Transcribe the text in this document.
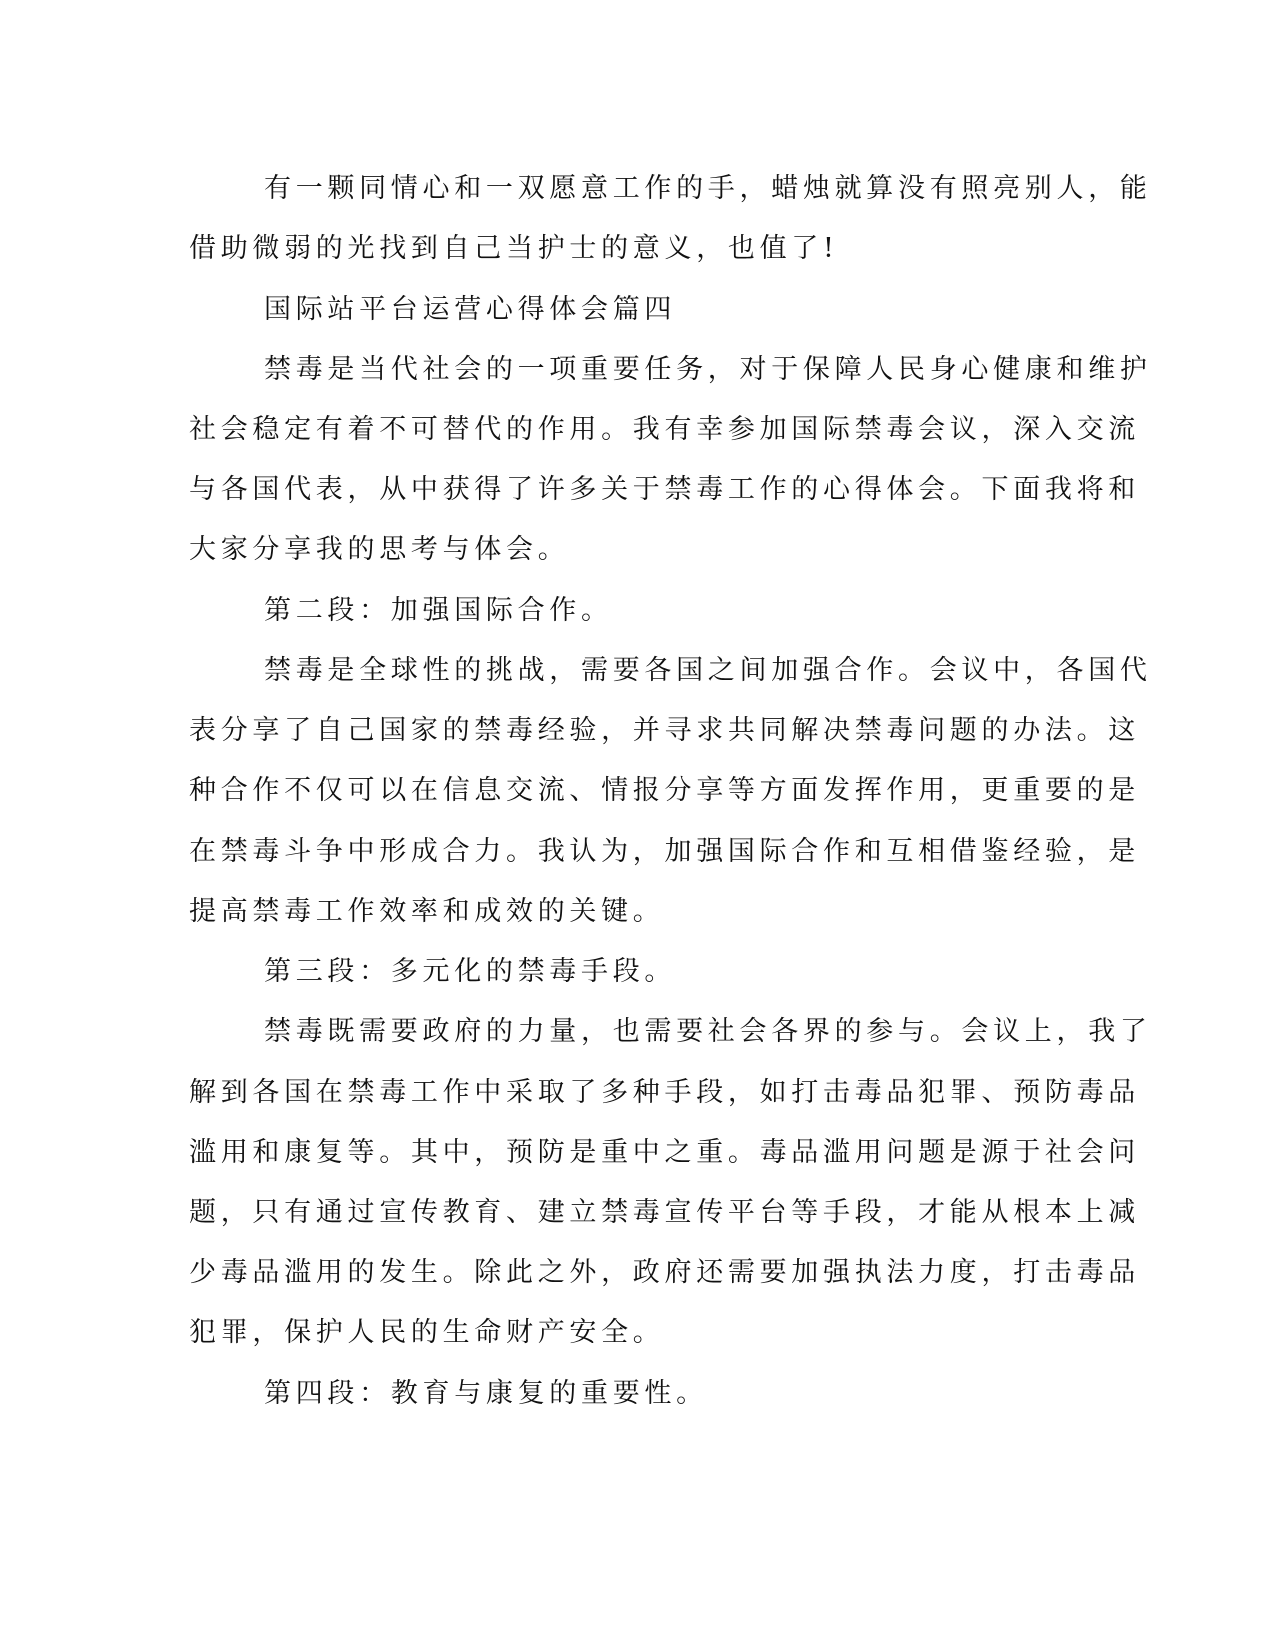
有一颗同情心和一双愿意工作的手，蜡烛就算没有照亮别人，能
借助微弱的光找到自己当护士的意义，也值了!
国际站平台运营心得体会篇四
禁毒是当代社会的一项重要任务，对于保障人民身心健康和维护
社会稳定有着不可替代的作用。我有幸参加国际禁毒会议，深入交流
与各国代表，从中获得了许多关于禁毒工作的心得体会。下面我将和
大家分享我的思考与体会。
第二段：加强国际合作。
禁毒是全球性的挑战，需要各国之间加强合作。会议中，各国代
表分享了自己国家的禁毒经验，并寻求共同解决禁毒问题的办法。这
种合作不仅可以在信息交流、情报分享等方面发挥作用，更重要的是
在禁毒斗争中形成合力。我认为，加强国际合作和互相借鉴经验，是
提高禁毒工作效率和成效的关键。
第三段：多元化的禁毒手段。
禁毒既需要政府的力量，也需要社会各界的参与。会议上，我了
解到各国在禁毒工作中采取了多种手段，如打击毒品犯罪、预防毒品
滥用和康复等。其中，预防是重中之重。毒品滥用问题是源于社会问
题，只有通过宣传教育、建立禁毒宣传平台等手段，才能从根本上减
少毒品滥用的发生。除此之外，政府还需要加强执法力度，打击毒品
犯罪，保护人民的生命财产安全。
第四段：教育与康复的重要性。
